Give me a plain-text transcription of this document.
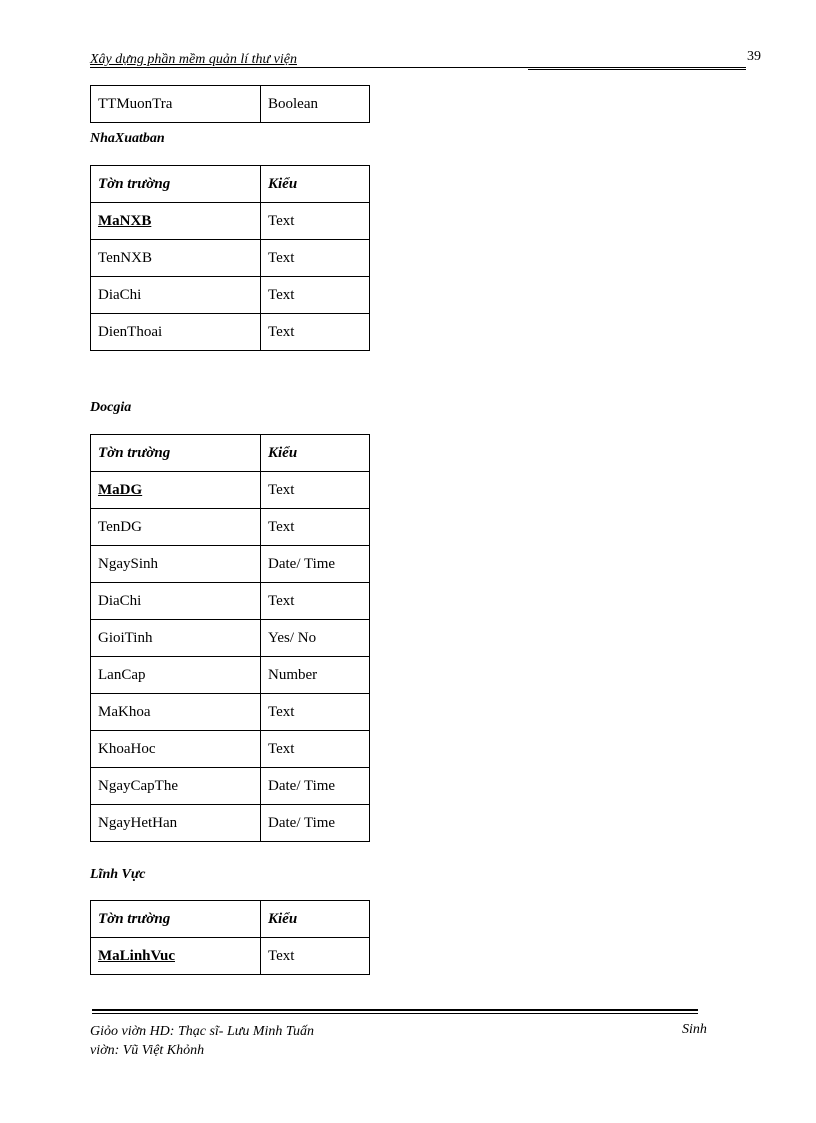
Xây dựng phần mềm quản lí thư viện	39
TTMuonTra	Boolean
NhaXuatban
Tờn trường	Kiểu
MaNXB	Text
TenNXB	Text
DiaChi	Text
DienThoai	Text
Docgia
Tờn trường	Kiểu
MaDG	Text
TenDG	Text
NgaySinh	Date/ Time
DiaChi	Text
GioiTinh	Yes/ No
LanCap	Number
MaKhoa	Text
KhoaHoc	Text
NgayCapThe	Date/ Time
NgayHetHan	Date/ Time
Lĩnh Vực
Tờn trường	Kiểu
MaLinhVuc	Text
Giỏo viờn HD: Thạc sĩ- Lưu Minh Tuấn
viờn: Vũ Việt Khỏnh
Sinh
